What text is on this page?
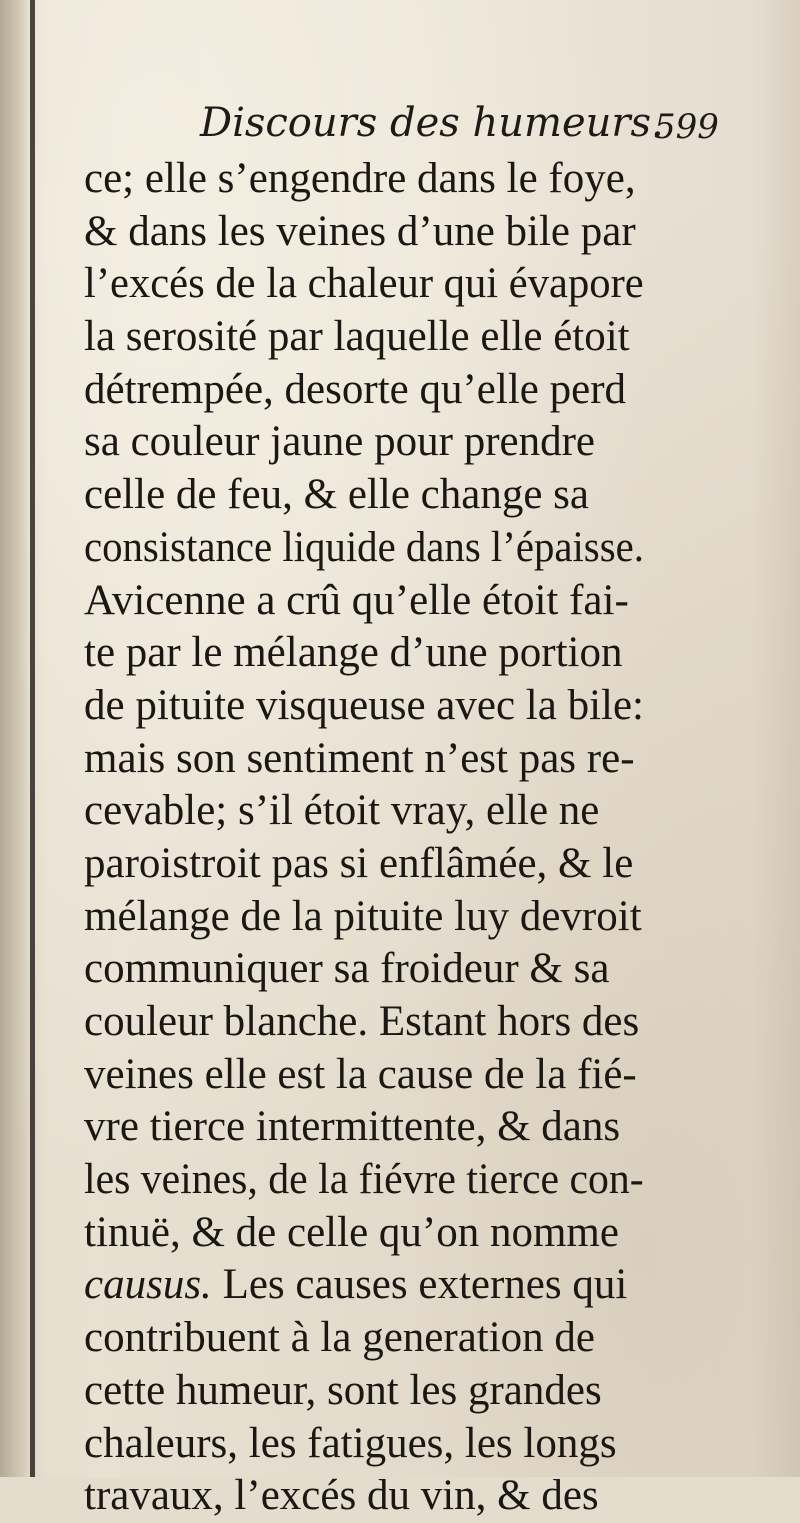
Discours des humeurs.
599
ce; elle s’engendre dans le foye,
& dans les veines d’une bile par
l’excés de la chaleur qui évapore
la serosité par laquelle elle étoit
détrempée, desorte qu’elle perd
sa couleur jaune pour prendre
celle de feu, & elle change sa
consistance liquide dans l’épaisse.
Avicenne a crû qu’elle étoit fai-
te par le mélange d’une portion
de pituite visqueuse avec la bile:
mais son sentiment n’est pas re-
cevable; s’il étoit vray, elle ne
paroistroit pas si enflâmée, & le
mélange de la pituite luy devroit
communiquer sa froideur & sa
couleur blanche. Estant hors des
veines elle est la cause de la fié-
vre tierce intermittente, & dans
les veines, de la fiévre tierce con-
tinuë, & de celle qu’on nomme
causus. Les causes externes qui
contribuent à la generation de
cette humeur, sont les grandes
chaleurs, les fatigues, les longs
travaux, l’excés du vin, & des
